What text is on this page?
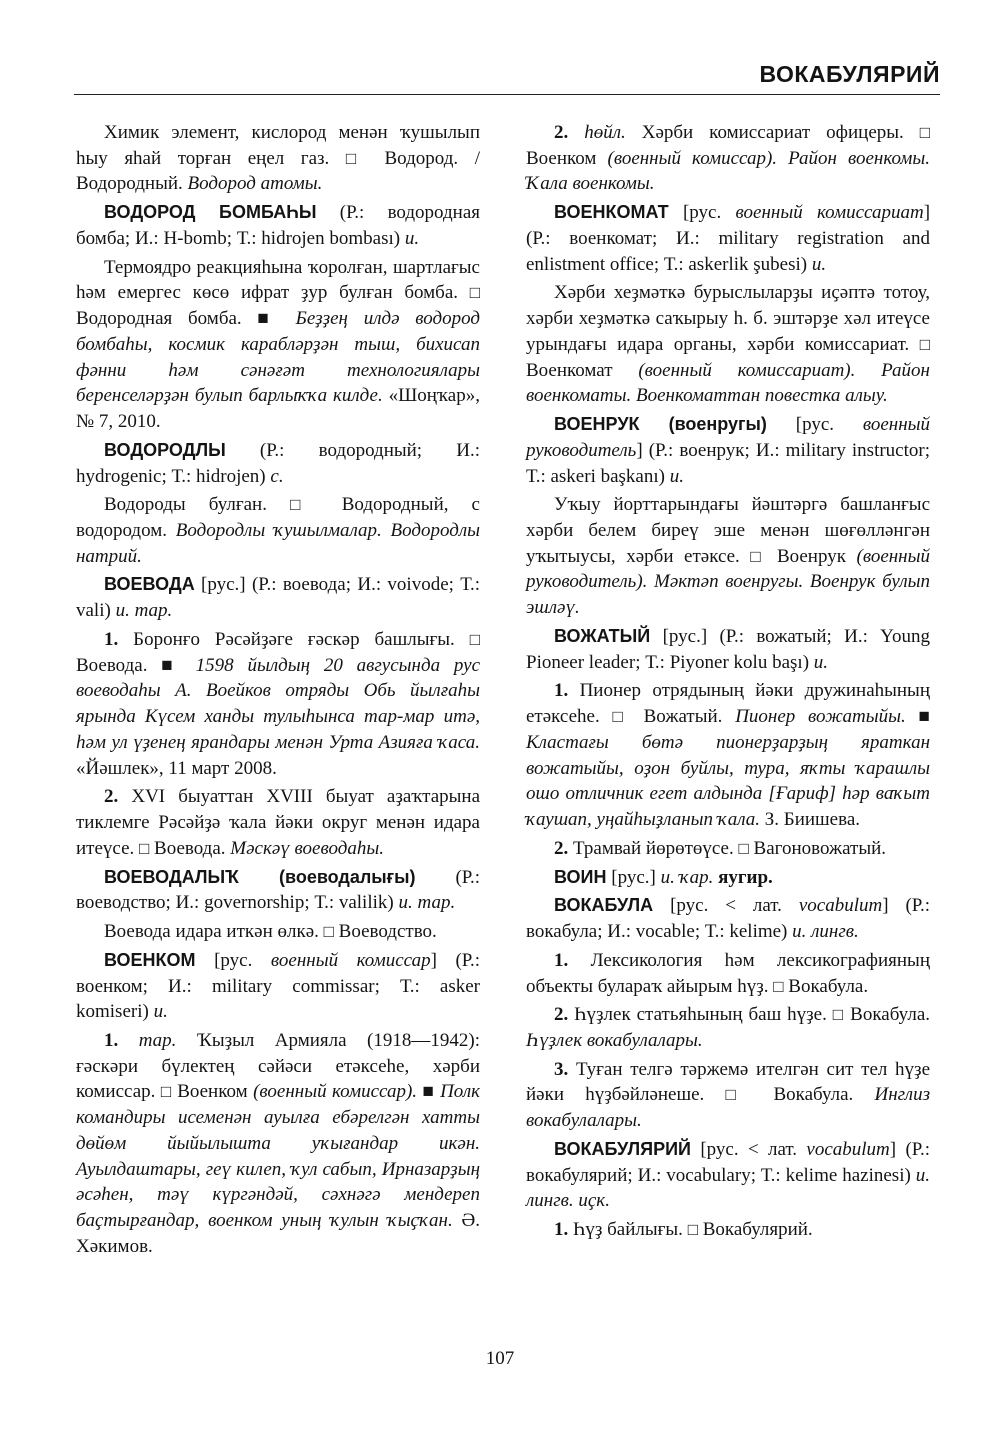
ВОКАБУЛЯРИЙ

Химик элемент, кислород менән ҡушылып һыу яһай торған еңел газ. □ Водород. / Водородный. Водород атомы.

ВОДОРОД БОМБАҺЫ (Р.: водородная бомба; И.: H-bomb; Т.: hidrojen bombası) и.

Термоядро реакцияһына ҡоролған, шартлағыс һәм емергес көсө ифрат ҙур булған бомба. □ Водородная бомба. ■ Беҙҙең илдә водород бомбаһы, космик карабләрҙән тыш, бихисап фәнни һәм сәнәғәт технологиялары беренселәрҙән булып барлыҡҡа килде. «Шоңҡар», № 7, 2010.

ВОДОРОДЛЫ (Р.: водородный; И.: hydrogenic; Т.: hidrojen) с.

Водороды булған. □ Водородный, с водородом. Водородлы ҡушылмалар. Водородлы натрий.

ВОЕВОДА [рус.] (Р.: воевода; И.: voivode; Т.: vali) и. тар.

1. Боронғо Рәсәйҙәге ғәскәр башлығы. □ Воевода. ■ 1598 йылдың 20 авгусында рус воеводаһы А. Воейков отряды Обь йылғаһы ярында Күсем ханды тулыһынса тар-мар итә, һәм ул үҙенең ярандары менән Урта Азияға ҡаса. «Йәшлек», 11 март 2008.

2. XVI быуаттан XVIII быуат аҙаҡтарына тиклемге Рәсәйҙә ҡала йәки округ менән идара итеүсе. □ Воевода. Мәскәү воеводаһы.

ВОЕВОДАЛЫҠ (воеводалығы) (Р.: воеводство; И.: governorship; Т.: valilik) и. тар.

Воевода идара иткән өлкә. □ Воеводство.

ВОЕНКОМ [рус. военный комиссар] (Р.: военком; И.: military commissar; Т.: asker komiseri) и.

1. тар. Ҡыҙыл Армияла (1918—1942): ғәскәри бүлектең сәйәси етәксеһе, хәрби комиссар. □ Военком (военный комиссар). ■ Полк командиры исеменән ауылға ебәрелгән хатты дөйөм йыйылышта уҡығандар икән. Ауылдаштары, геү килеп, ҡул сабып, Ирназарҙың әсәһен, тәү күргәндәй, сәхнәгә мендереп баҫтырғандар, военком уның ҡулын ҡыҫҡан. Ә. Хәкимов.

2. һөйл. Хәрби комиссариат офицеры. □ Военком (военный комиссар). Район военкомы. Ҡала военкомы.

ВОЕНКОМАТ [рус. военный комиссариат] (Р.: военкомат; И.: military registration and enlistment office; Т.: askerlik şubesi) и.

Хәрби хеҙмәткә бурыслыларҙы иҫәптә тотоу, хәрби хеҙмәткә саҡырыу һ. б. эштәрҙе хәл итеүсе урындағы идара органы, хәрби комиссариат. □ Военкомат (военный комиссариат). Район военкоматы. Военкоматтан повестка алыу.

ВОЕНРУК (военругы) [рус. военный руководитель] (Р.: военрук; И.: military instructor; Т.: askeri başkanı) и.

Уҡыу йорттарындағы йәштәргә башланғыс хәрби белем биреү эше менән шөғөлләнгән уҡытыусы, хәрби етәксе. □ Военрук (военный руководитель). Мәктәп военругы. Военрук булып эшләү.

ВОЖАТЫЙ [рус.] (Р.: вожатый; И.: Young Pioneer leader; Т.: Piyoner kolu başı) и.

1. Пионер отрядының йәки дружинаһының етәксеһе. □ Вожатый. Пионер вожатыйы. ■ Кластағы бөтә пионерҙарҙың яраткан вожатыйы, оҙон буйлы, тура, яҡты ҡарашлы ошо отличник егет алдында [Ғариф] һәр ваҡыт ҡаушап, уңайһыҙланып ҡала. З. Биишева.

2. Трамвай йөрөтөүсе. □ Вагоновожатый.

ВОИН [рус.] и. ҡар. яугир.

ВОКАБУЛА [рус. < лат. vocabulum] (Р.: вокабула; И.: vocable; Т.: kelime) и. лингв.

1. Лексикология һәм лексикографияның объекты булараҡ айырым һүҙ. □ Вокабула.

2. Һүҙлек статьяһының баш һүҙе. □ Вокабула. Һүҙлек вокабулалары.

3. Туған телгә тәржемә ителгән сит тел һүҙе йәки һүҙбәйләнеше. □ Вокабула. Инглиз вокабулалары.

ВОКАБУЛЯРИЙ [рус. < лат. vocabulum] (Р.: вокабулярий; И.: vocabulary; Т.: kelime hazinesi) и. лингв. иҫк.

1. Һүҙ байлығы. □ Вокабулярий.

107
